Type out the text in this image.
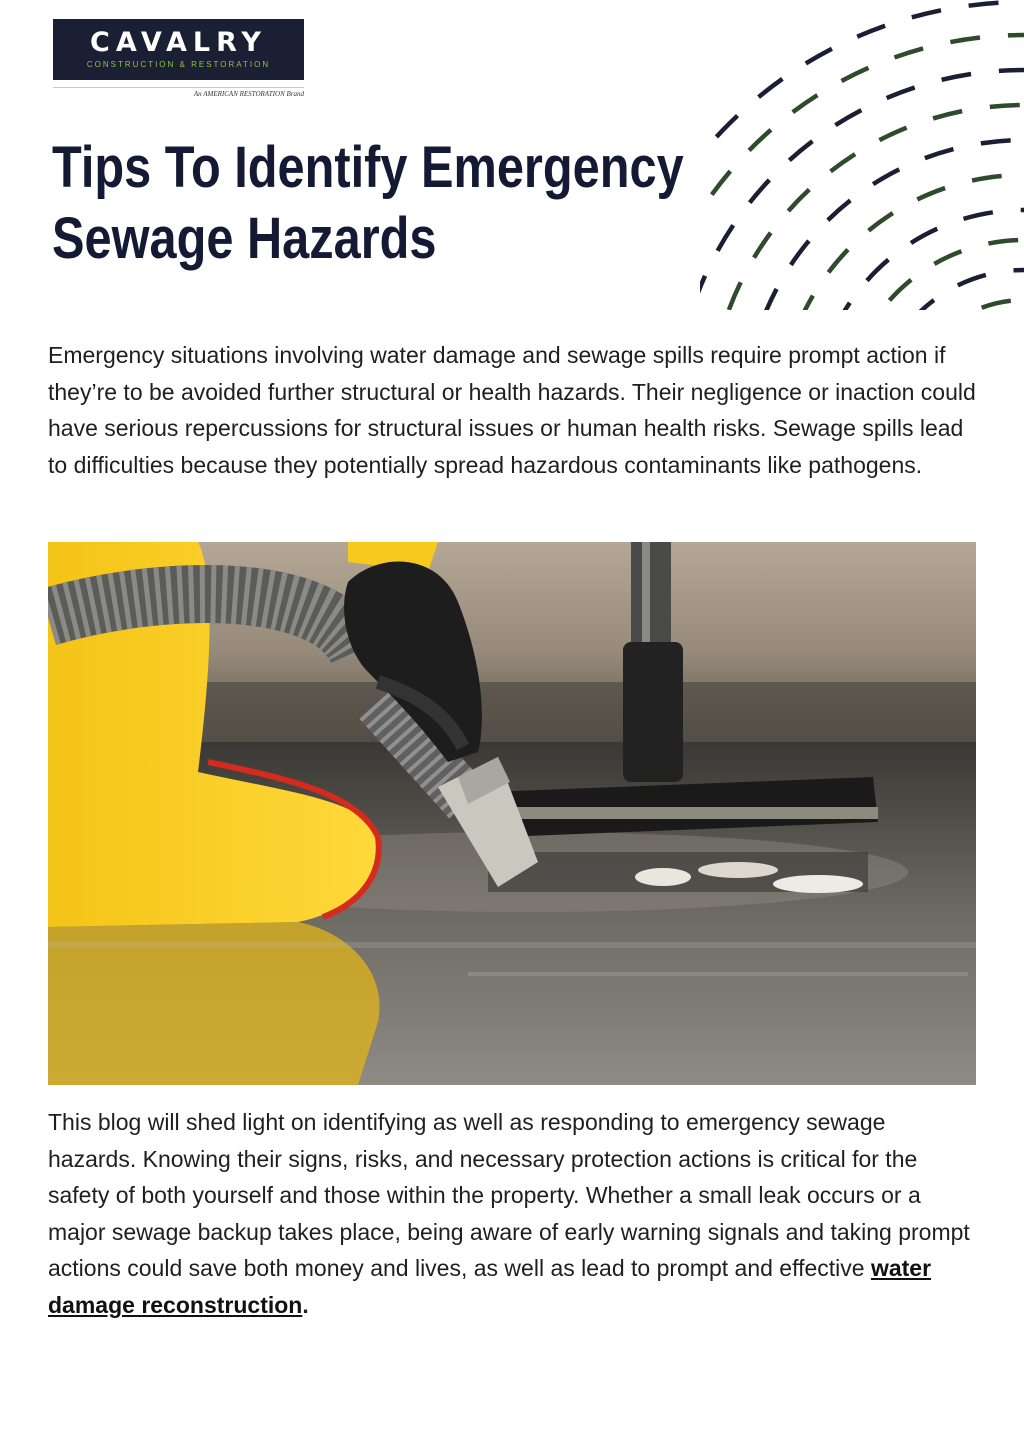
CAVALRY
CONSTRUCTION & RESTORATION
An AMERICAN RESTORATION Brand
Tips To Identify Emergency
Sewage Hazards

Emergency situations involving water damage and sewage spills require prompt action if they’re to be avoided further structural or health hazards. Their negligence or inaction could have serious repercussions for structural issues or human health risks. Sewage spills lead to difficulties because they potentially spread hazardous contaminants like pathogens.

This blog will shed light on identifying as well as responding to emergency sewage hazards. Knowing their signs, risks, and necessary protection actions is critical for the safety of both yourself and those within the property. Whether a small leak occurs or a major sewage backup takes place, being aware of early warning signals and taking prompt actions could save both money and lives, as well as lead to prompt and effective water damage reconstruction.
